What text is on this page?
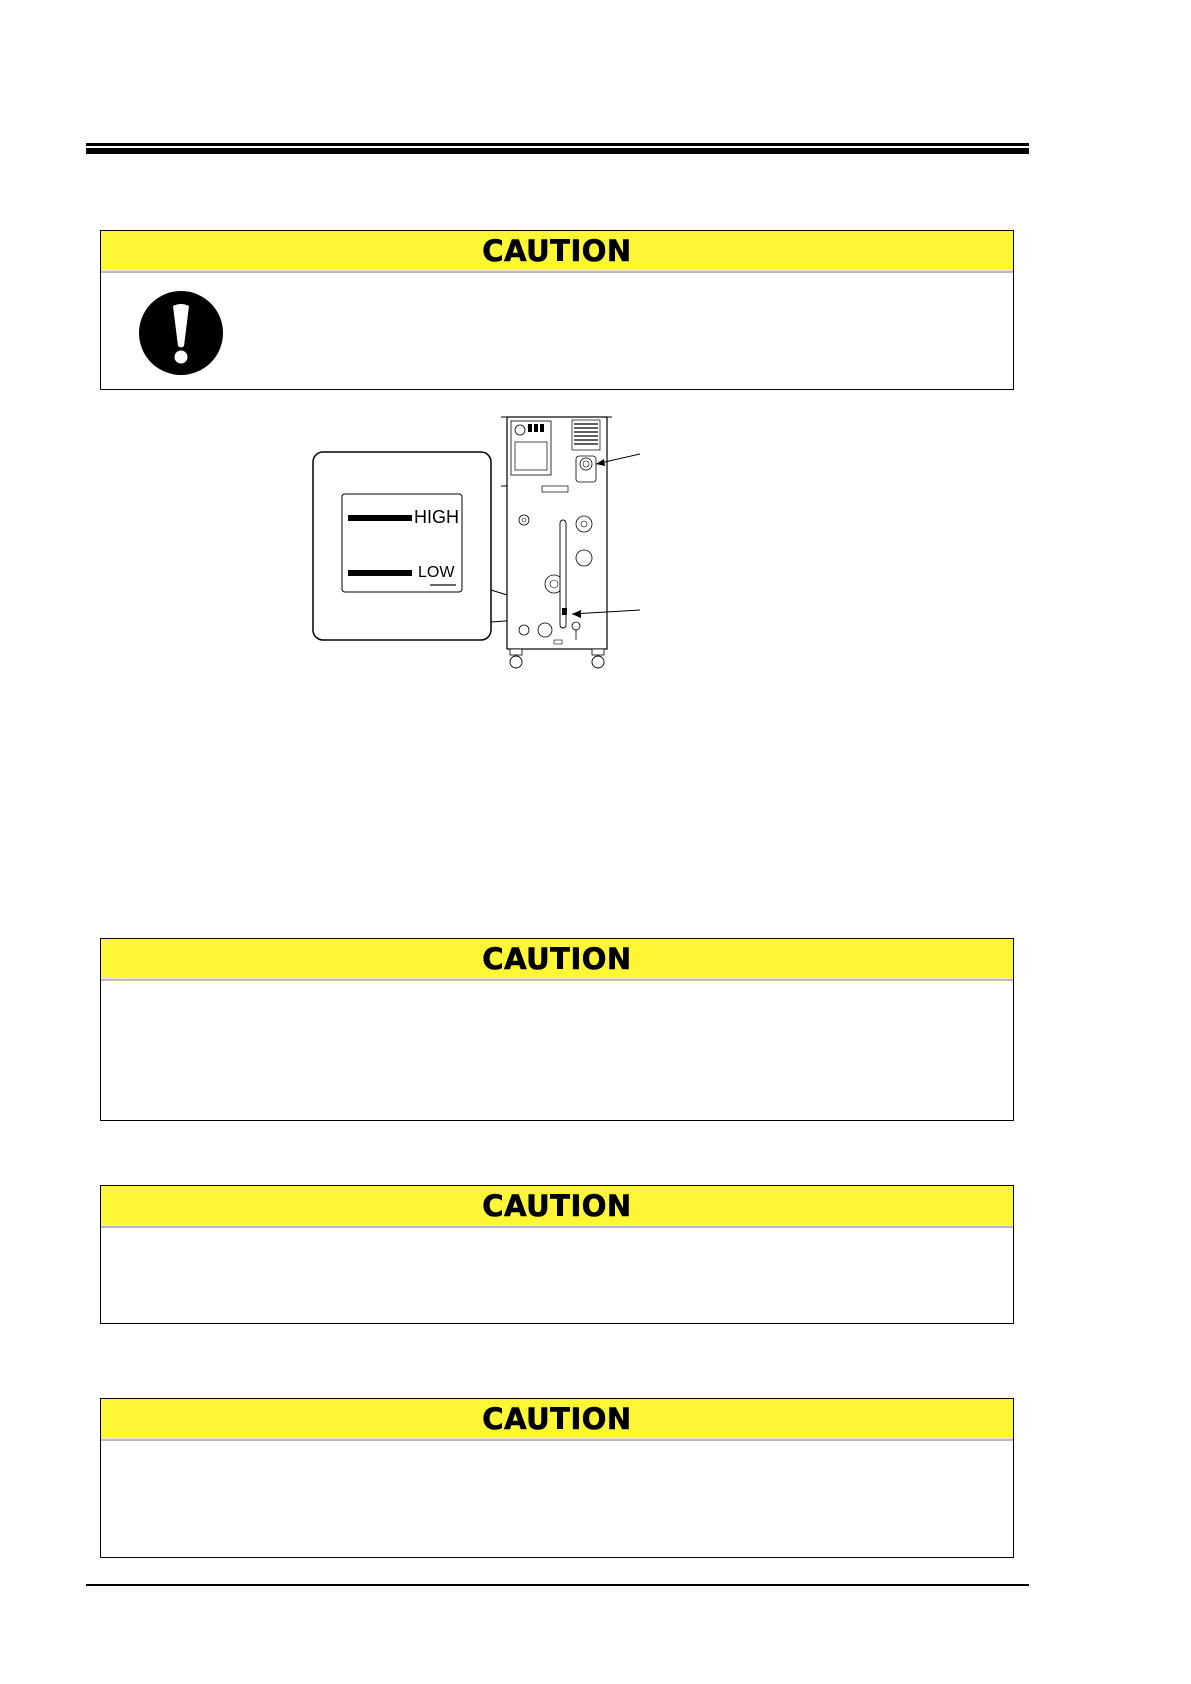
CAUTION
HIGH
LOW
CAUTION
CAUTION
CAUTION
